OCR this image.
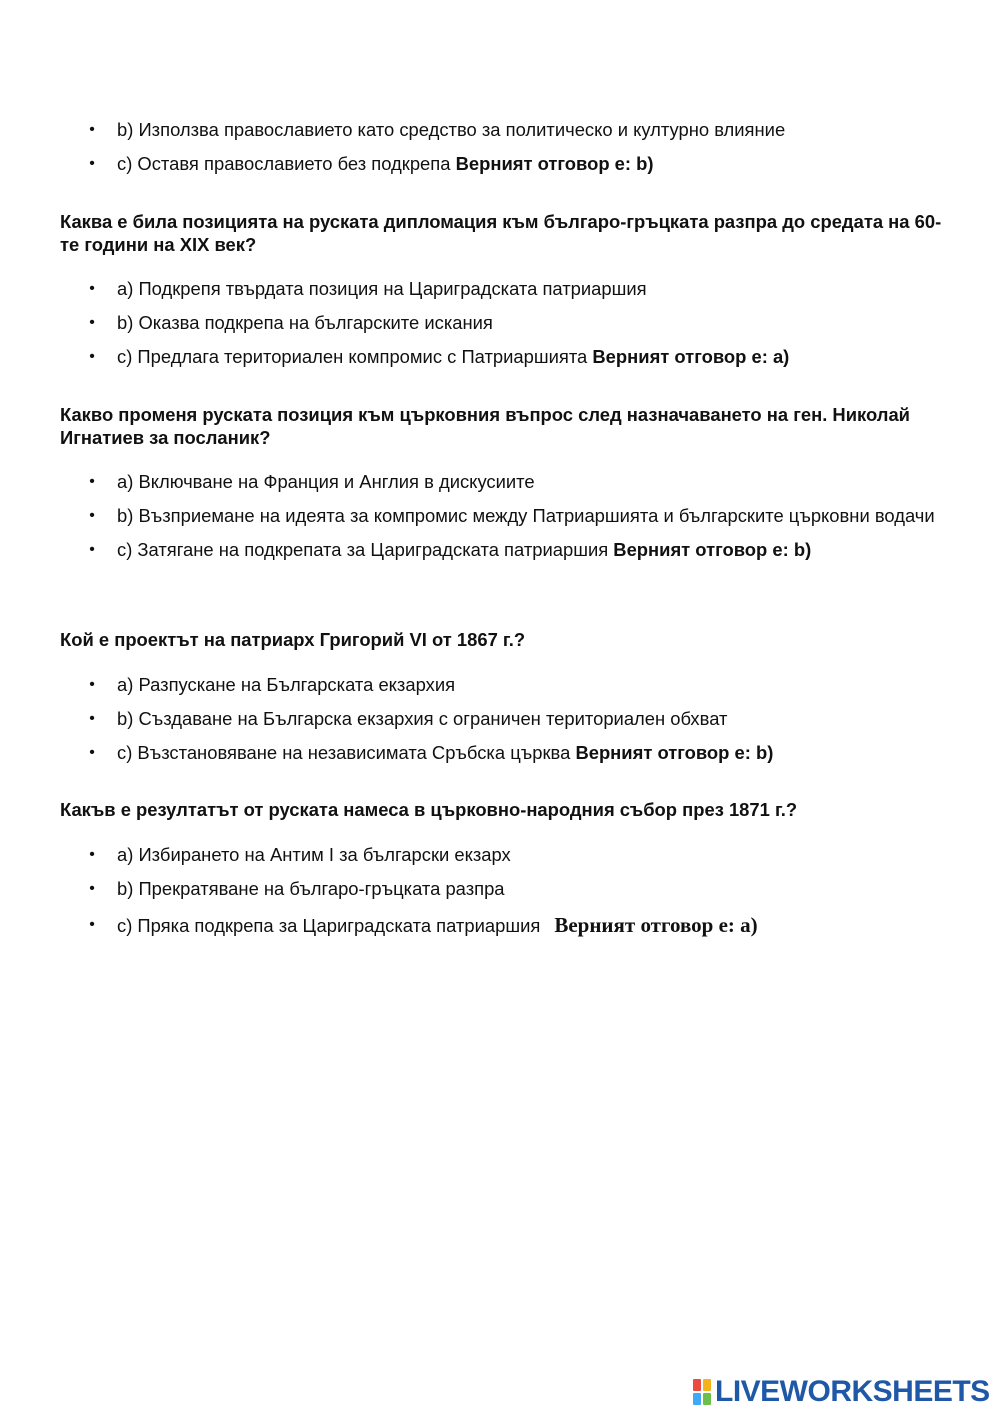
• b) Използва православието като средство за политическо и културно влияние
• c) Оставя православието без подкрепа Верният отговор е: b)

Каква е била позицията на руската дипломация към българо-гръцката разпра до средата на 60-те години на XIX век?

• a) Подкрепя твърдата позиция на Цариградската патриаршия
• b) Оказва подкрепа на българските искания
• c) Предлага териториален компромис с Патриаршията Верният отговор е: a)

Какво променя руската позиция към църковния въпрос след назначаването на ген. Николай Игнатиев за посланик?

• a) Включване на Франция и Англия в дискусиите
• b) Възприемане на идеята за компромис между Патриаршията и българските църковни водачи
• c) Затягане на подкрепата за Цариградската патриаршия Верният отговор е: b)

Кой е проектът на патриарх Григорий VI от 1867 г.?

• a) Разпускане на Българската екзархия
• b) Създаване на Българска екзархия с ограничен териториален обхват
• c) Възстановяване на независимата Сръбска църква Верният отговор е: b)

Какъв е резултатът от руската намеса в църковно-народния събор през 1871 г.?

• a) Избирането на Антим I за български екзарх
• b) Прекратяване на българо-гръцката разпра
• c) Пряка подкрепа за Цариградската патриаршия Верният отговор е: a)
LIVEWORKSHEETS
